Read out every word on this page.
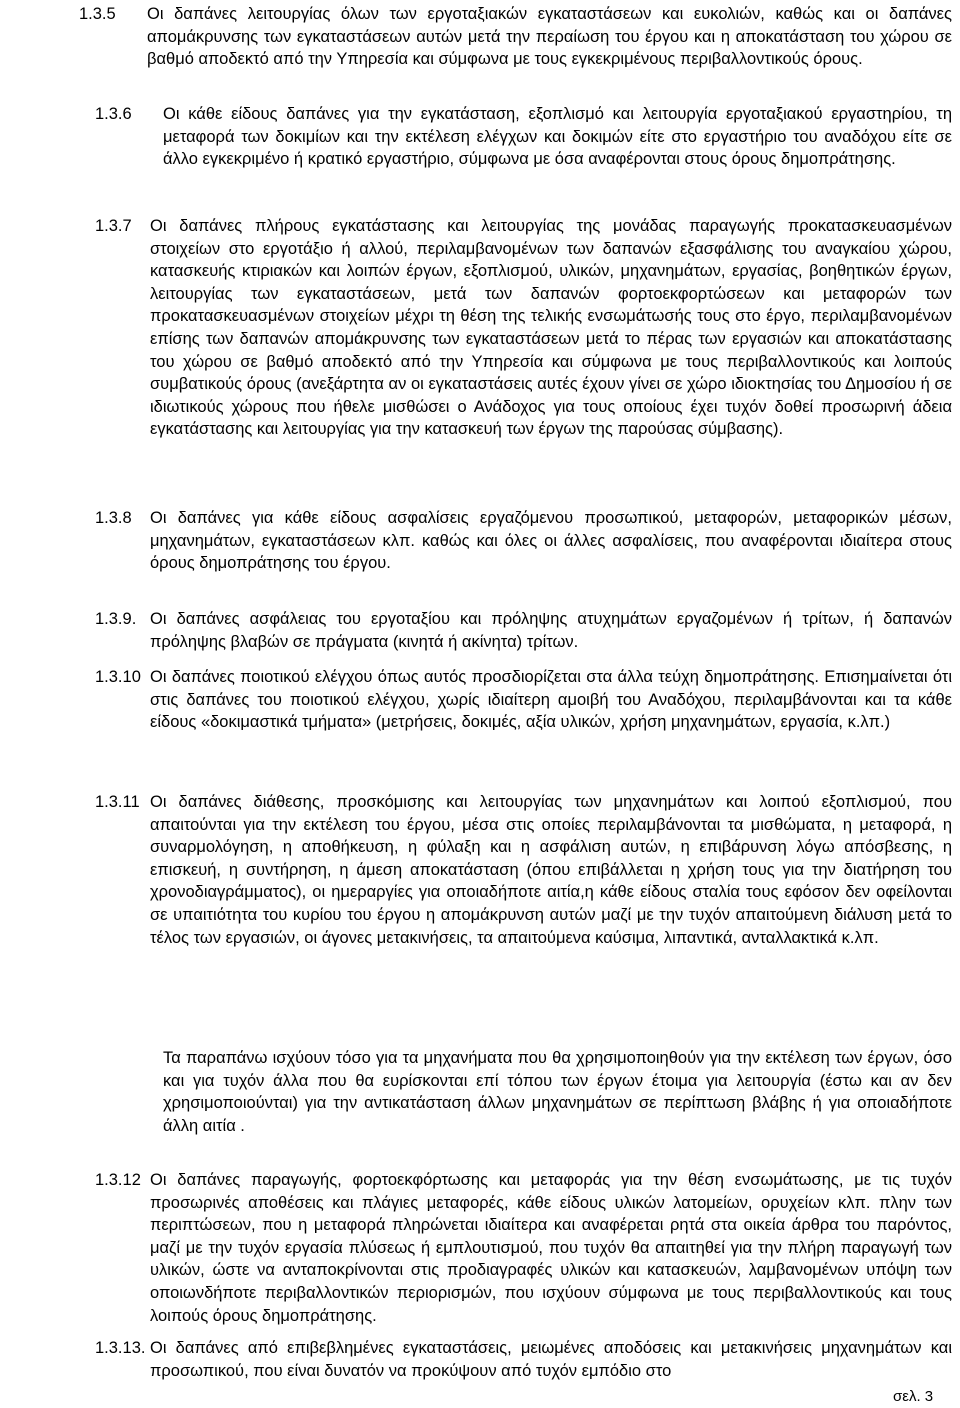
1.3.5 Οι δαπάνες λειτουργίας όλων των εργοταξιακών εγκαταστάσεων και ευκολιών, καθώς και οι δαπάνες απομάκρυνσης των εγκαταστάσεων αυτών μετά την περαίωση του έργου και η αποκατάσταση του χώρου σε βαθμό αποδεκτό από την Υπηρεσία και σύμφωνα με τους εγκεκριμένους περιβαλλοντικούς όρους.
1.3.6 Οι κάθε είδους δαπάνες για την εγκατάσταση, εξοπλισμό και λειτουργία εργοταξιακού εργαστηρίου, τη μεταφορά των δοκιμίων και την εκτέλεση ελέγχων και δοκιμών είτε στο εργαστήριο του αναδόχου είτε σε άλλο εγκεκριμένο ή κρατικό εργαστήριο, σύμφωνα με όσα αναφέρονται στους όρους δημοπράτησης.
1.3.7 Οι δαπάνες πλήρους εγκατάστασης και λειτουργίας της μονάδας παραγωγής προκατασκευασμένων στοιχείων στο εργοτάξιο ή αλλού, περιλαμβανομένων των δαπανών εξασφάλισης του αναγκαίου χώρου, κατασκευής κτιριακών και λοιπών έργων, εξοπλισμού, υλικών, μηχανημάτων, εργασίας, βοηθητικών έργων, λειτουργίας των εγκαταστάσεων, μετά των δαπανών φορτοεκφορτώσεων και μεταφορών των προκατασκευασμένων στοιχείων μέχρι τη θέση της τελικής ενσωμάτωσής τους στο έργο, περιλαμβανομένων επίσης των δαπανών απομάκρυνσης των εγκαταστάσεων μετά το πέρας των εργασιών και αποκατάστασης του χώρου σε βαθμό αποδεκτό από την Υπηρεσία και σύμφωνα με τους περιβαλλοντικούς και λοιπούς συμβατικούς όρους (ανεξάρτητα αν οι εγκαταστάσεις αυτές έχουν γίνει σε χώρο ιδιοκτησίας του Δημοσίου ή σε ιδιωτικούς χώρους που ήθελε μισθώσει ο Ανάδοχος για τους οποίους έχει τυχόν δοθεί προσωρινή άδεια εγκατάστασης και λειτουργίας για την κατασκευή των έργων της παρούσας σύμβασης).
1.3.8 Οι δαπάνες για κάθε είδους ασφαλίσεις εργαζόμενου προσωπικού, μεταφορών, μεταφορικών μέσων, μηχανημάτων, εγκαταστάσεων κλπ. καθώς και όλες οι άλλες ασφαλίσεις, που αναφέρονται ιδιαίτερα στους όρους δημοπράτησης του έργου.
1.3.9. Οι δαπάνες ασφάλειας του εργοταξίου και πρόληψης ατυχημάτων εργαζομένων ή τρίτων, ή δαπανών πρόληψης βλαβών σε πράγματα (κινητά ή ακίνητα) τρίτων.
1.3.10 Οι δαπάνες ποιοτικού ελέγχου όπως αυτός προσδιορίζεται στα άλλα τεύχη δημοπράτησης. Επισημαίνεται ότι στις δαπάνες του ποιοτικού ελέγχου, χωρίς ιδιαίτερη αμοιβή του Αναδόχου, περιλαμβάνονται και τα κάθε είδους «δοκιμαστικά τμήματα» (μετρήσεις, δοκιμές, αξία υλικών, χρήση μηχανημάτων, εργασία, κ.λπ.)
1.3.11 Οι δαπάνες διάθεσης, προσκόμισης και λειτουργίας των μηχανημάτων και λοιπού εξοπλισμού, που απαιτούνται για την εκτέλεση του έργου, μέσα στις οποίες περιλαμβάνονται τα μισθώματα, η μεταφορά, η συναρμολόγηση, η αποθήκευση, η φύλαξη και η ασφάλιση αυτών, η επιβάρυνση λόγω απόσβεσης, η επισκευή, η συντήρηση, η άμεση αποκατάσταση (όπου επιβάλλεται η χρήση τους για την διατήρηση του χρονοδιαγράμματος), οι ημεραργίες για οποιαδήποτε αιτία,η κάθε είδους σταλία τους εφόσον δεν οφείλονται σε υπαιτιότητα του κυρίου του έργου η απομάκρυνση αυτών μαζί με την τυχόν απαιτούμενη διάλυση μετά το τέλος των εργασιών, οι άγονες μετακινήσεις, τα απαιτούμενα καύσιμα, λιπαντικά, ανταλλακτικά κ.λπ.
Τα παραπάνω ισχύουν τόσο για τα μηχανήματα που θα χρησιμοποιηθούν για την εκτέλεση των έργων, όσο και για τυχόν άλλα που θα ευρίσκονται επί τόπου των έργων έτοιμα για λειτουργία (έστω και αν δεν χρησιμοποιούνται) για την αντικατάσταση άλλων μηχανημάτων σε περίπτωση βλάβης ή για οποιαδήποτε άλλη αιτία .
1.3.12 Οι δαπάνες παραγωγής, φορτοεκφόρτωσης και μεταφοράς για την θέση ενσωμάτωσης, με τις τυχόν προσωρινές αποθέσεις και πλάγιες μεταφορές, κάθε είδους υλικών λατομείων, ορυχείων κλπ. πλην των περιπτώσεων, που η μεταφορά πληρώνεται ιδιαίτερα και αναφέρεται ρητά στα οικεία άρθρα του παρόντος, μαζί με την τυχόν εργασία πλύσεως ή εμπλουτισμού, που τυχόν θα απαιτηθεί για την πλήρη παραγωγή των υλικών, ώστε να ανταποκρίνονται στις προδιαγραφές υλικών και κατασκευών, λαμβανομένων υπόψη των οποιωνδήποτε περιβαλλοντικών περιορισμών, που ισχύουν σύμφωνα με τους περιβαλλοντικούς και τους λοιπούς όρους δημοπράτησης.
1.3.13. Οι δαπάνες από επιβεβλημένες εγκαταστάσεις, μειωμένες αποδόσεις και μετακινήσεις μηχανημάτων και προσωπικού, που είναι δυνατόν να προκύψουν από τυχόν εμπόδιο στο
σελ. 3
